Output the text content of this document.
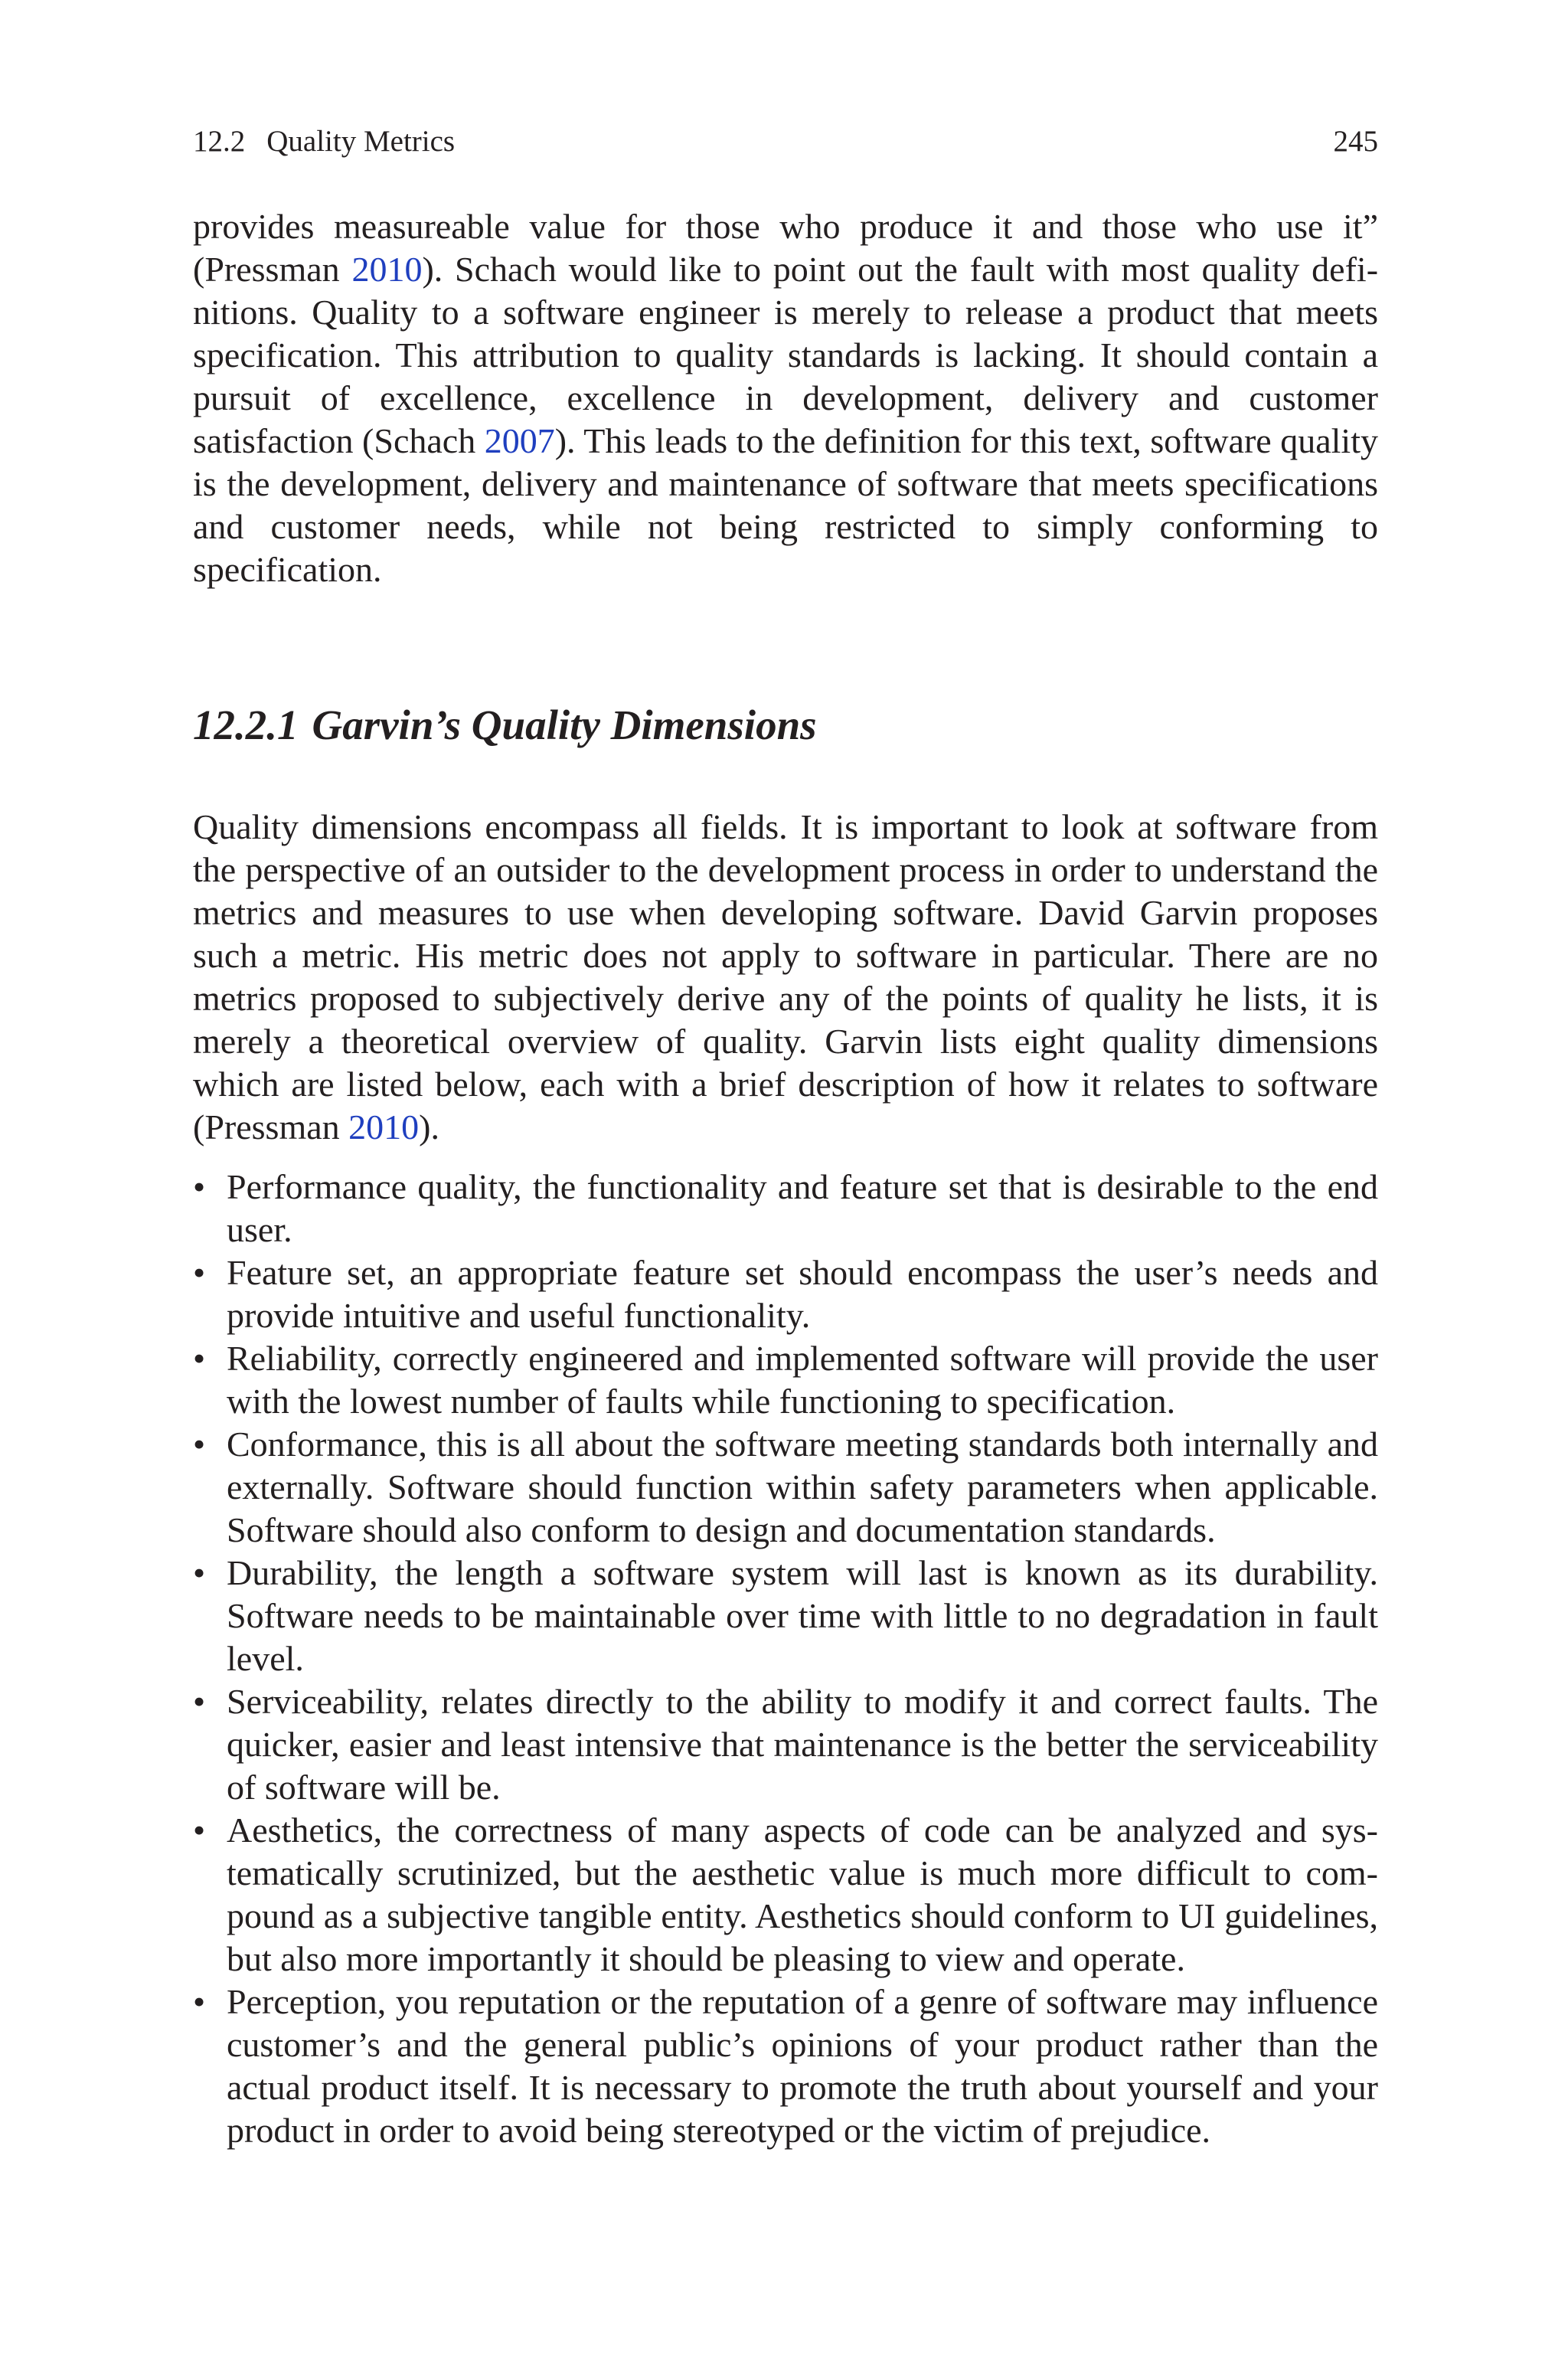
12.2 Quality Metrics	245

provides measureable value for those who produce it and those who use it” (Pressman 2010). Schach would like to point out the fault with most quality definitions. Quality to a software engineer is merely to release a product that meets specification. This attribution to quality standards is lacking. It should contain a pursuit of excellence, excellence in development, delivery and customer satisfaction (Schach 2007). This leads to the definition for this text, software quality is the development, delivery and maintenance of software that meets specifications and customer needs, while not being restricted to simply conforming to specification.

12.2.1 Garvin’s Quality Dimensions

Quality dimensions encompass all fields. It is important to look at software from the perspective of an outsider to the development process in order to understand the metrics and measures to use when developing software. David Garvin proposes such a metric. His metric does not apply to software in particular. There are no metrics proposed to subjectively derive any of the points of quality he lists, it is merely a theoretical overview of quality. Garvin lists eight quality dimensions which are listed below, each with a brief description of how it relates to software (Pressman 2010).

• Performance quality, the functionality and feature set that is desirable to the end user.
• Feature set, an appropriate feature set should encompass the user’s needs and provide intuitive and useful functionality.
• Reliability, correctly engineered and implemented software will provide the user with the lowest number of faults while functioning to specification.
• Conformance, this is all about the software meeting standards both internally and externally. Software should function within safety parameters when applicable. Software should also conform to design and documentation standards.
• Durability, the length a software system will last is known as its durability. Software needs to be maintainable over time with little to no degradation in fault level.
• Serviceability, relates directly to the ability to modify it and correct faults. The quicker, easier and least intensive that maintenance is the better the serviceability of software will be.
• Aesthetics, the correctness of many aspects of code can be analyzed and systematically scrutinized, but the aesthetic value is much more difficult to compound as a subjective tangible entity. Aesthetics should conform to UI guidelines, but also more importantly it should be pleasing to view and operate.
• Perception, you reputation or the reputation of a genre of software may influence customer’s and the general public’s opinions of your product rather than the actual product itself. It is necessary to promote the truth about yourself and your product in order to avoid being stereotyped or the victim of prejudice.
